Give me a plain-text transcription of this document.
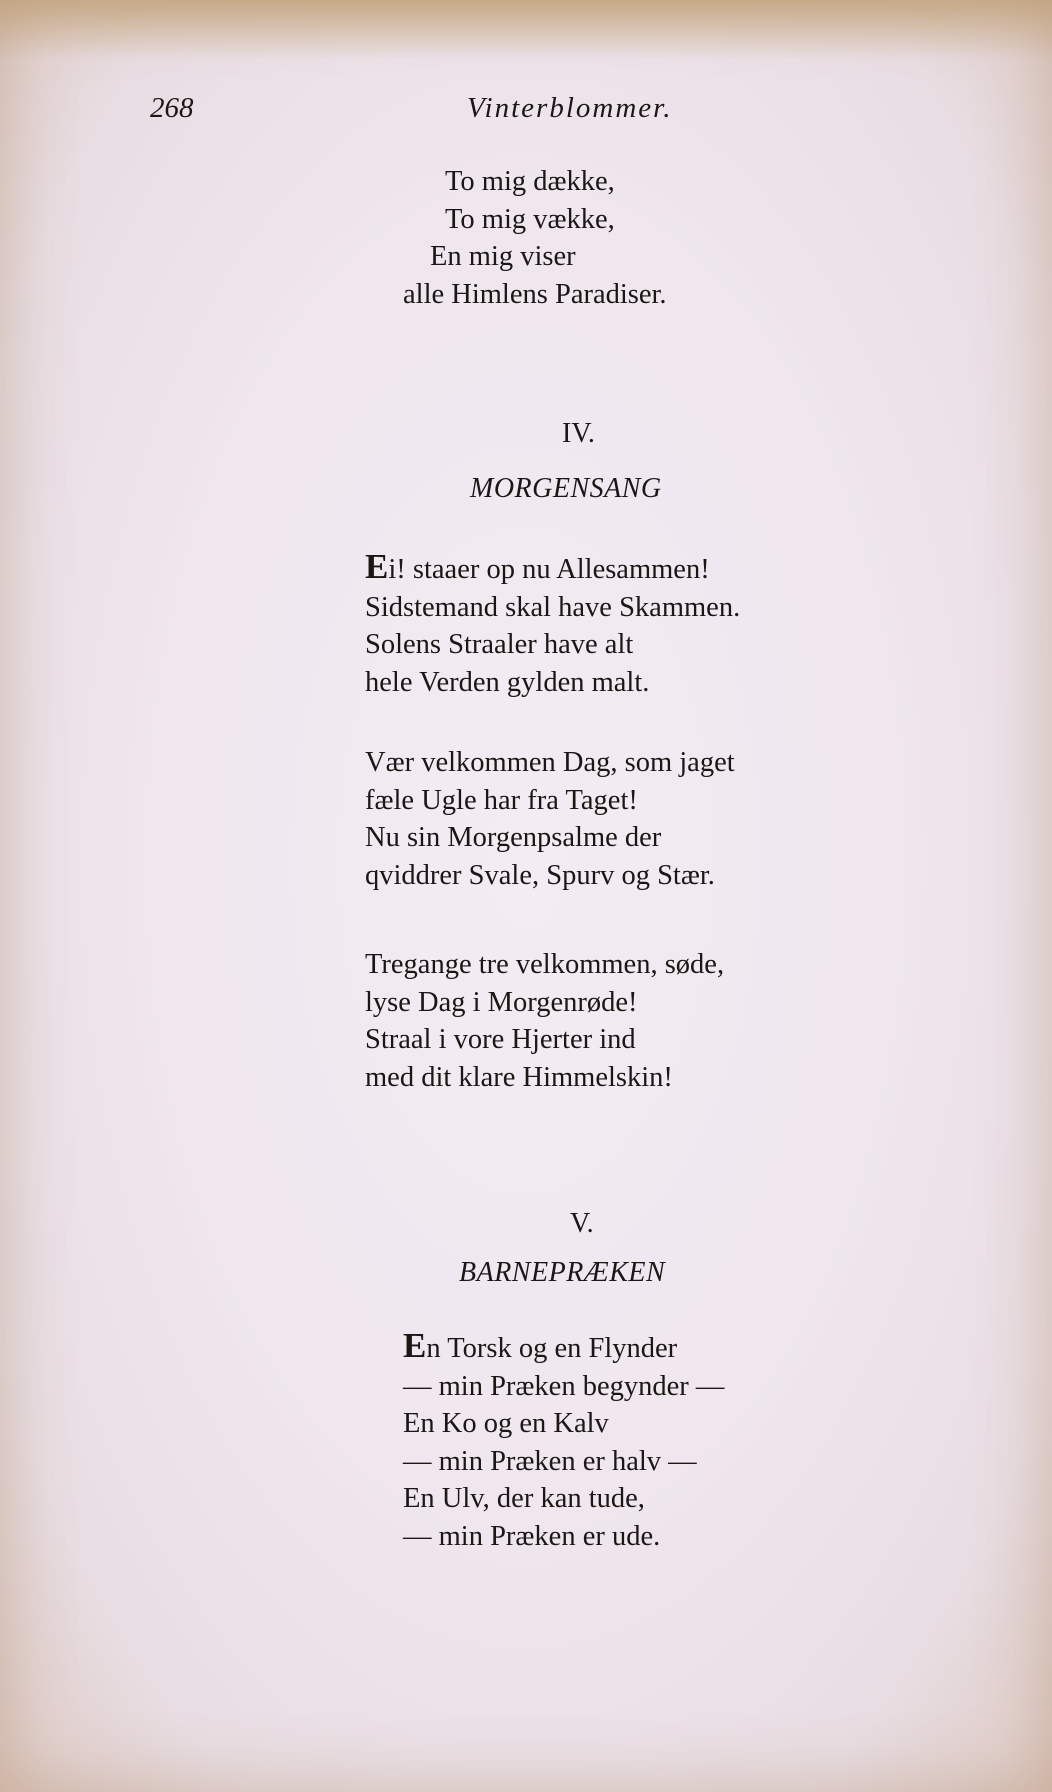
268	Vinterblommer.

To mig dække,
To mig vække,
En mig viser
alle Himlens Paradiser.

IV.
MORGENSANG

Ei! staaer op nu Allesammen!
Sidstemand skal have Skammen.
Solens Straaler have alt
hele Verden gylden malt.

Vær velkommen Dag, som jaget
fæle Ugle har fra Taget!
Nu sin Morgenpsalme der
qviddrer Svale, Spurv og Stær.

Tregange tre velkommen, søde,
lyse Dag i Morgenrøde!
Straal i vore Hjerter ind
med dit klare Himmelskin!

V.
BARNEPRÆKEN

En Torsk og en Flynder
— min Præken begynder —
En Ko og en Kalv
— min Præken er halv —
En Ulv, der kan tude,
— min Præken er ude.
